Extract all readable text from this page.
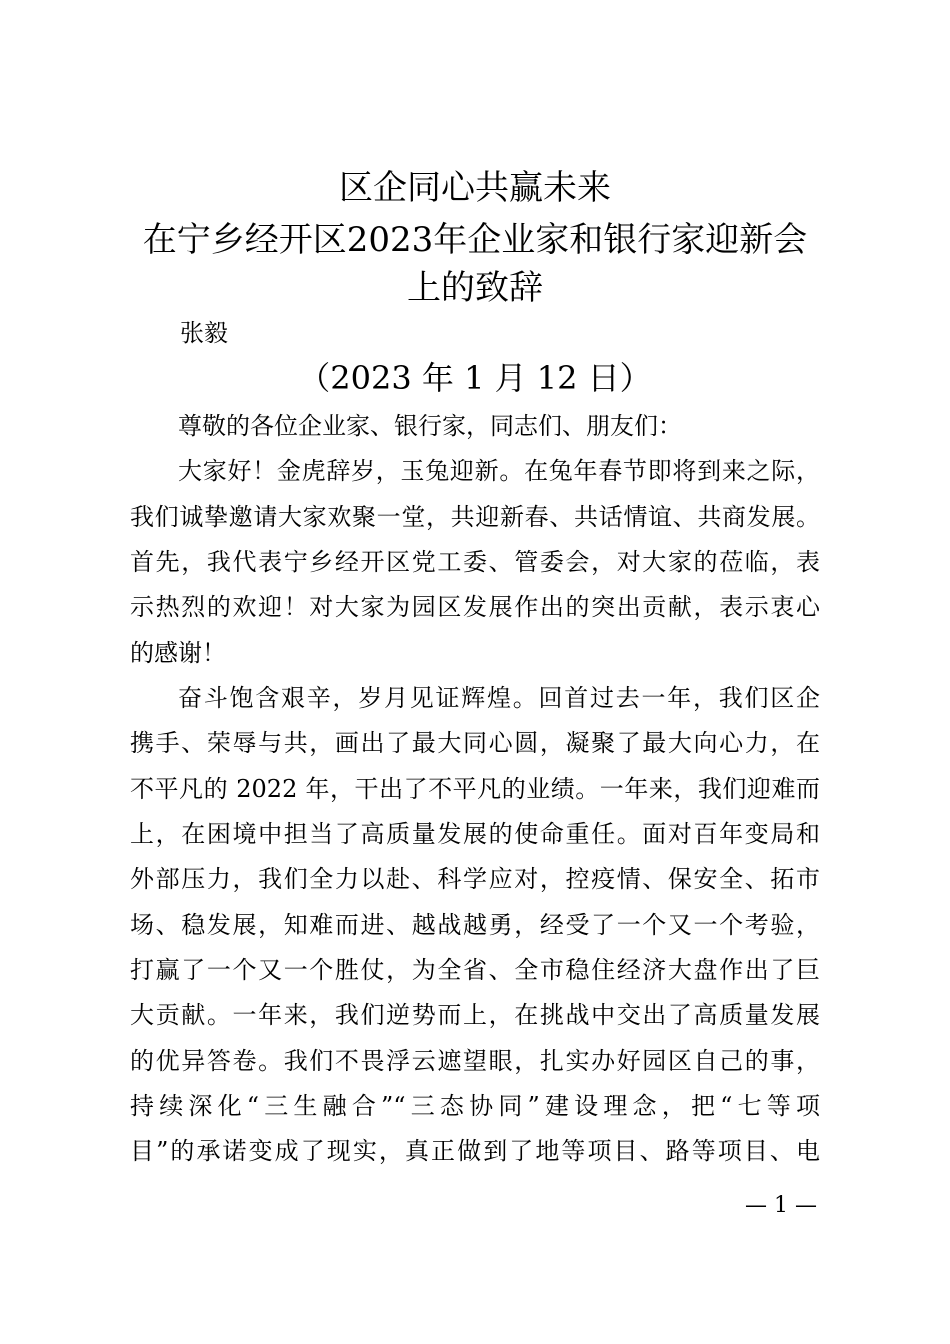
区企同心共赢未来
在宁乡经开区2023年企业家和银行家迎新会
上的致辞
张毅
（2023 年 1 月 12 日）
尊敬的各位企业家、银行家，同志们、朋友们：
大家好！金虎辞岁，玉兔迎新。在兔年春节即将到来之际，
我们诚挚邀请大家欢聚一堂，共迎新春、共话情谊、共商发展。
首先，我代表宁乡经开区党工委、管委会，对大家的莅临，表
示热烈的欢迎！对大家为园区发展作出的突出贡献，表示衷心
的感谢！
奋斗饱含艰辛，岁月见证辉煌。回首过去一年，我们区企
携手、荣辱与共，画出了最大同心圆，凝聚了最大向心力，在
不平凡的 2022 年，干出了不平凡的业绩。一年来，我们迎难而
上，在困境中担当了高质量发展的使命重任。面对百年变局和
外部压力，我们全力以赴、科学应对，控疫情、保安全、拓市
场、稳发展，知难而进、越战越勇，经受了一个又一个考验，
打赢了一个又一个胜仗，为全省、全市稳住经济大盘作出了巨
大贡献。一年来，我们逆势而上，在挑战中交出了高质量发展
的优异答卷。我们不畏浮云遮望眼，扎实办好园区自己的事，
持续深化“三生融合”“三态协同”建设理念，把“七等项
目”的承诺变成了现实，真正做到了地等项目、路等项目、电
— 1 —
